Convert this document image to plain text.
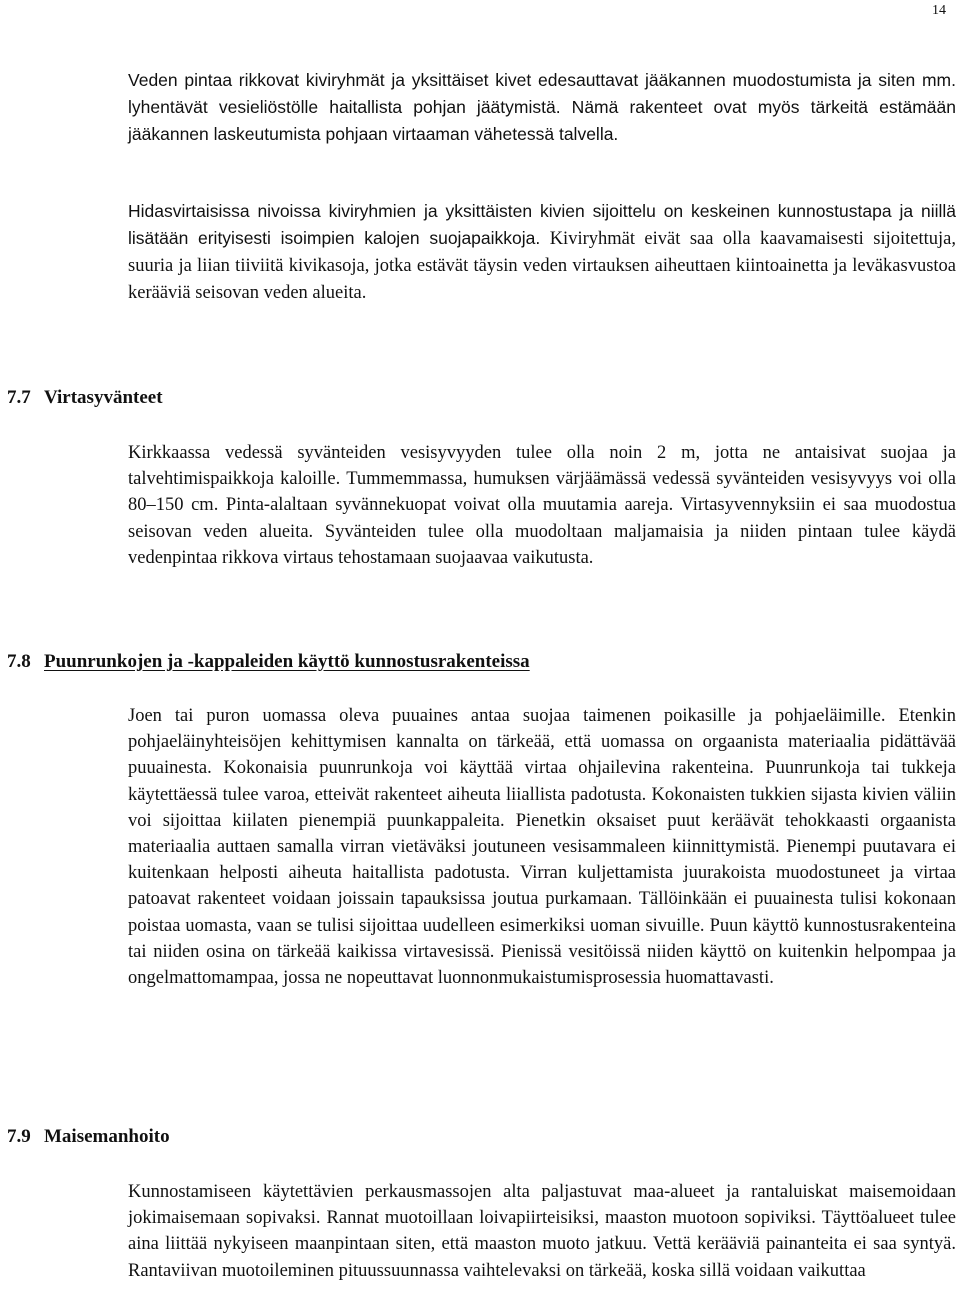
14

Veden pintaa rikkovat kiviryhmät ja yksittäiset kivet edesauttavat jääkannen muodostumista ja siten mm. lyhentävät vesieliöstölle haitallista pohjan jäätymistä. Nämä rakenteet ovat myös tärkeitä estämään jääkannen laskeutumista pohjaan virtaaman vähetessä talvella.

Hidasvirtaisissa nivoissa kiviryhmien ja yksittäisten kivien sijoittelu on keskeinen kunnostustapa ja niillä lisätään erityisesti isoimpien kalojen suojapaikkoja. Kiviryhmät eivät saa olla kaavamaisesti sijoitettuja, suuria ja liian tiiviitä kivikasoja, jotka estävät täysin veden virtauksen aiheuttaen kiintoainetta ja leväkasvustoa kerääviä seisovan veden alueita.

7.7 Virtasyvänteet

Kirkkaassa vedessä syvänteiden vesisyvyyden tulee olla noin 2 m, jotta ne antaisivat suojaa ja talvehtimispaikkoja kaloille. Tummemmassa, humuksen värjäämässä vedessä syvänteiden vesisyvyys voi olla 80–150 cm. Pinta-alaltaan syvännekuopat voivat olla muutamia aareja. Virtasyvennyksiin ei saa muodostua seisovan veden alueita. Syvänteiden tulee olla muodoltaan maljamaisia ja niiden pintaan tulee käydä vedenpintaa rikkova virtaus tehostamaan suojaavaa vaikutusta.

7.8 Puunrunkojen ja -kappaleiden käyttö kunnostusrakenteissa

Joen tai puron uomassa oleva puuaines antaa suojaa taimenen poikasille ja pohjaeläimille. Etenkin pohjaeläinyhteisöjen kehittymisen kannalta on tärkeää, että uomassa on orgaanista materiaalia pidättävää puuainesta. Kokonaisia puunrunkoja voi käyttää virtaa ohjailevina rakenteina. Puunrunkoja tai tukkeja käytettäessä tulee varoa, etteivät rakenteet aiheuta liiallista padotusta. Kokonaisten tukkien sijasta kivien väliin voi sijoittaa kiilaten pienempiä puunkappaleita. Pienetkin oksaiset puut keräävät tehokkaasti orgaanista materiaalia auttaen samalla virran vietäväksi joutuneen vesisammaleen kiinnittymistä. Pienempi puutavara ei kuitenkaan helposti aiheuta haitallista padotusta. Virran kuljettamista juurakoista muodostuneet ja virtaa patoavat rakenteet voidaan joissain tapauksissa joutua purkamaan. Tällöinkään ei puuainesta tulisi kokonaan poistaa uomasta, vaan se tulisi sijoittaa uudelleen esimerkiksi uoman sivuille. Puun käyttö kunnostusrakenteina tai niiden osina on tärkeää kaikissa virtavesissä. Pienissä vesitöissä niiden käyttö on kuitenkin helpompaa ja ongelmattomampaa, jossa ne nopeuttavat luonnonmukaistumisprosessia huomattavasti.

7.9 Maisemanhoito

Kunnostamiseen käytettävien perkausmassojen alta paljastuvat maa-alueet ja rantaluiskat maisemoidaan jokimaisemaan sopivaksi. Rannat muotoillaan loivapiirteisiksi, maaston muotoon sopiviksi. Täyttöalueet tulee aina liittää nykyiseen maanpintaan siten, että maaston muoto jatkuu. Vettä kerääviä painanteita ei saa syntyä. Rantaviivan muotoileminen pituussuunnassa vaihtelevaksi on tärkeää, koska sillä voidaan vaikuttaa
